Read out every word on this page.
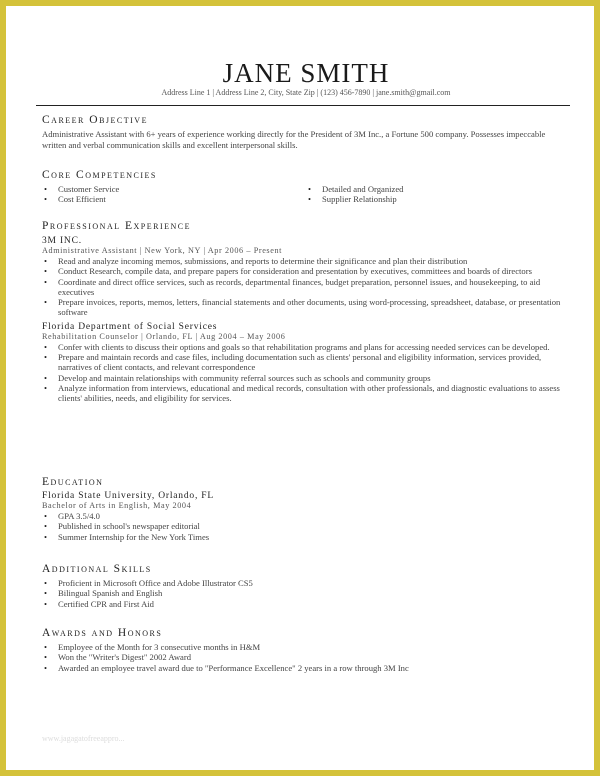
JANE SMITH
Address Line 1 | Address Line 2, City, State Zip | (123) 456-7890 | jane.smith@gmail.com
Career Objective

Administrative Assistant with 6+ years of experience working directly for the President of 3M Inc., a Fortune 500 company. Possesses impeccable written and verbal communication skills and excellent interpersonal skills.

Core Competencies
• Customer Service
• Cost Efficient
• Detailed and Organized
• Supplier Relationship
Professional Experience
3M INC.
Administrative Assistant | New York, NY | Apr 2006 – Present
• Read and analyze incoming memos, submissions, and reports to determine their significance and plan their distribution
• Conduct Research, compile data, and prepare papers for consideration and presentation by executives, committees and boards of directors
• Coordinate and direct office services, such as records, departmental finances, budget preparation, personnel issues, and housekeeping, to aid executives
• Prepare invoices, reports, memos, letters, financial statements and other documents, using word-processing, spreadsheet, database, or presentation software
Florida Department of Social Services
Rehabilitation Counselor | Orlando, FL | Aug 2004 – May 2006
• Confer with clients to discuss their options and goals so that rehabilitation programs and plans for accessing needed services can be developed.
• Prepare and maintain records and case files, including documentation such as clients' personal and eligibility information, services provided, narratives of client contacts, and relevant correspondence
• Develop and maintain relationships with community referral sources such as schools and community groups
• Analyze information from interviews, educational and medical records, consultation with other professionals, and diagnostic evaluations to assess clients' abilities, needs, and eligibility for services.
Education
Florida State University, Orlando, FL
Bachelor of Arts in English, May 2004
• GPA 3.5/4.0
• Published in school's newspaper editorial
• Summer Internship for the New York Times
Additional Skills
• Proficient in Microsoft Office and Adobe Illustrator CS5
• Bilingual Spanish and English
• Certified CPR and First Aid
Awards and Honors
• Employee of the Month for 3 consecutive months in H&M
• Won the "Writer's Digest" 2002 Award
• Awarded an employee travel award due to "Performance Excellence" 2 years in a row through 3M Inc
www.jagagatofreeappro...
